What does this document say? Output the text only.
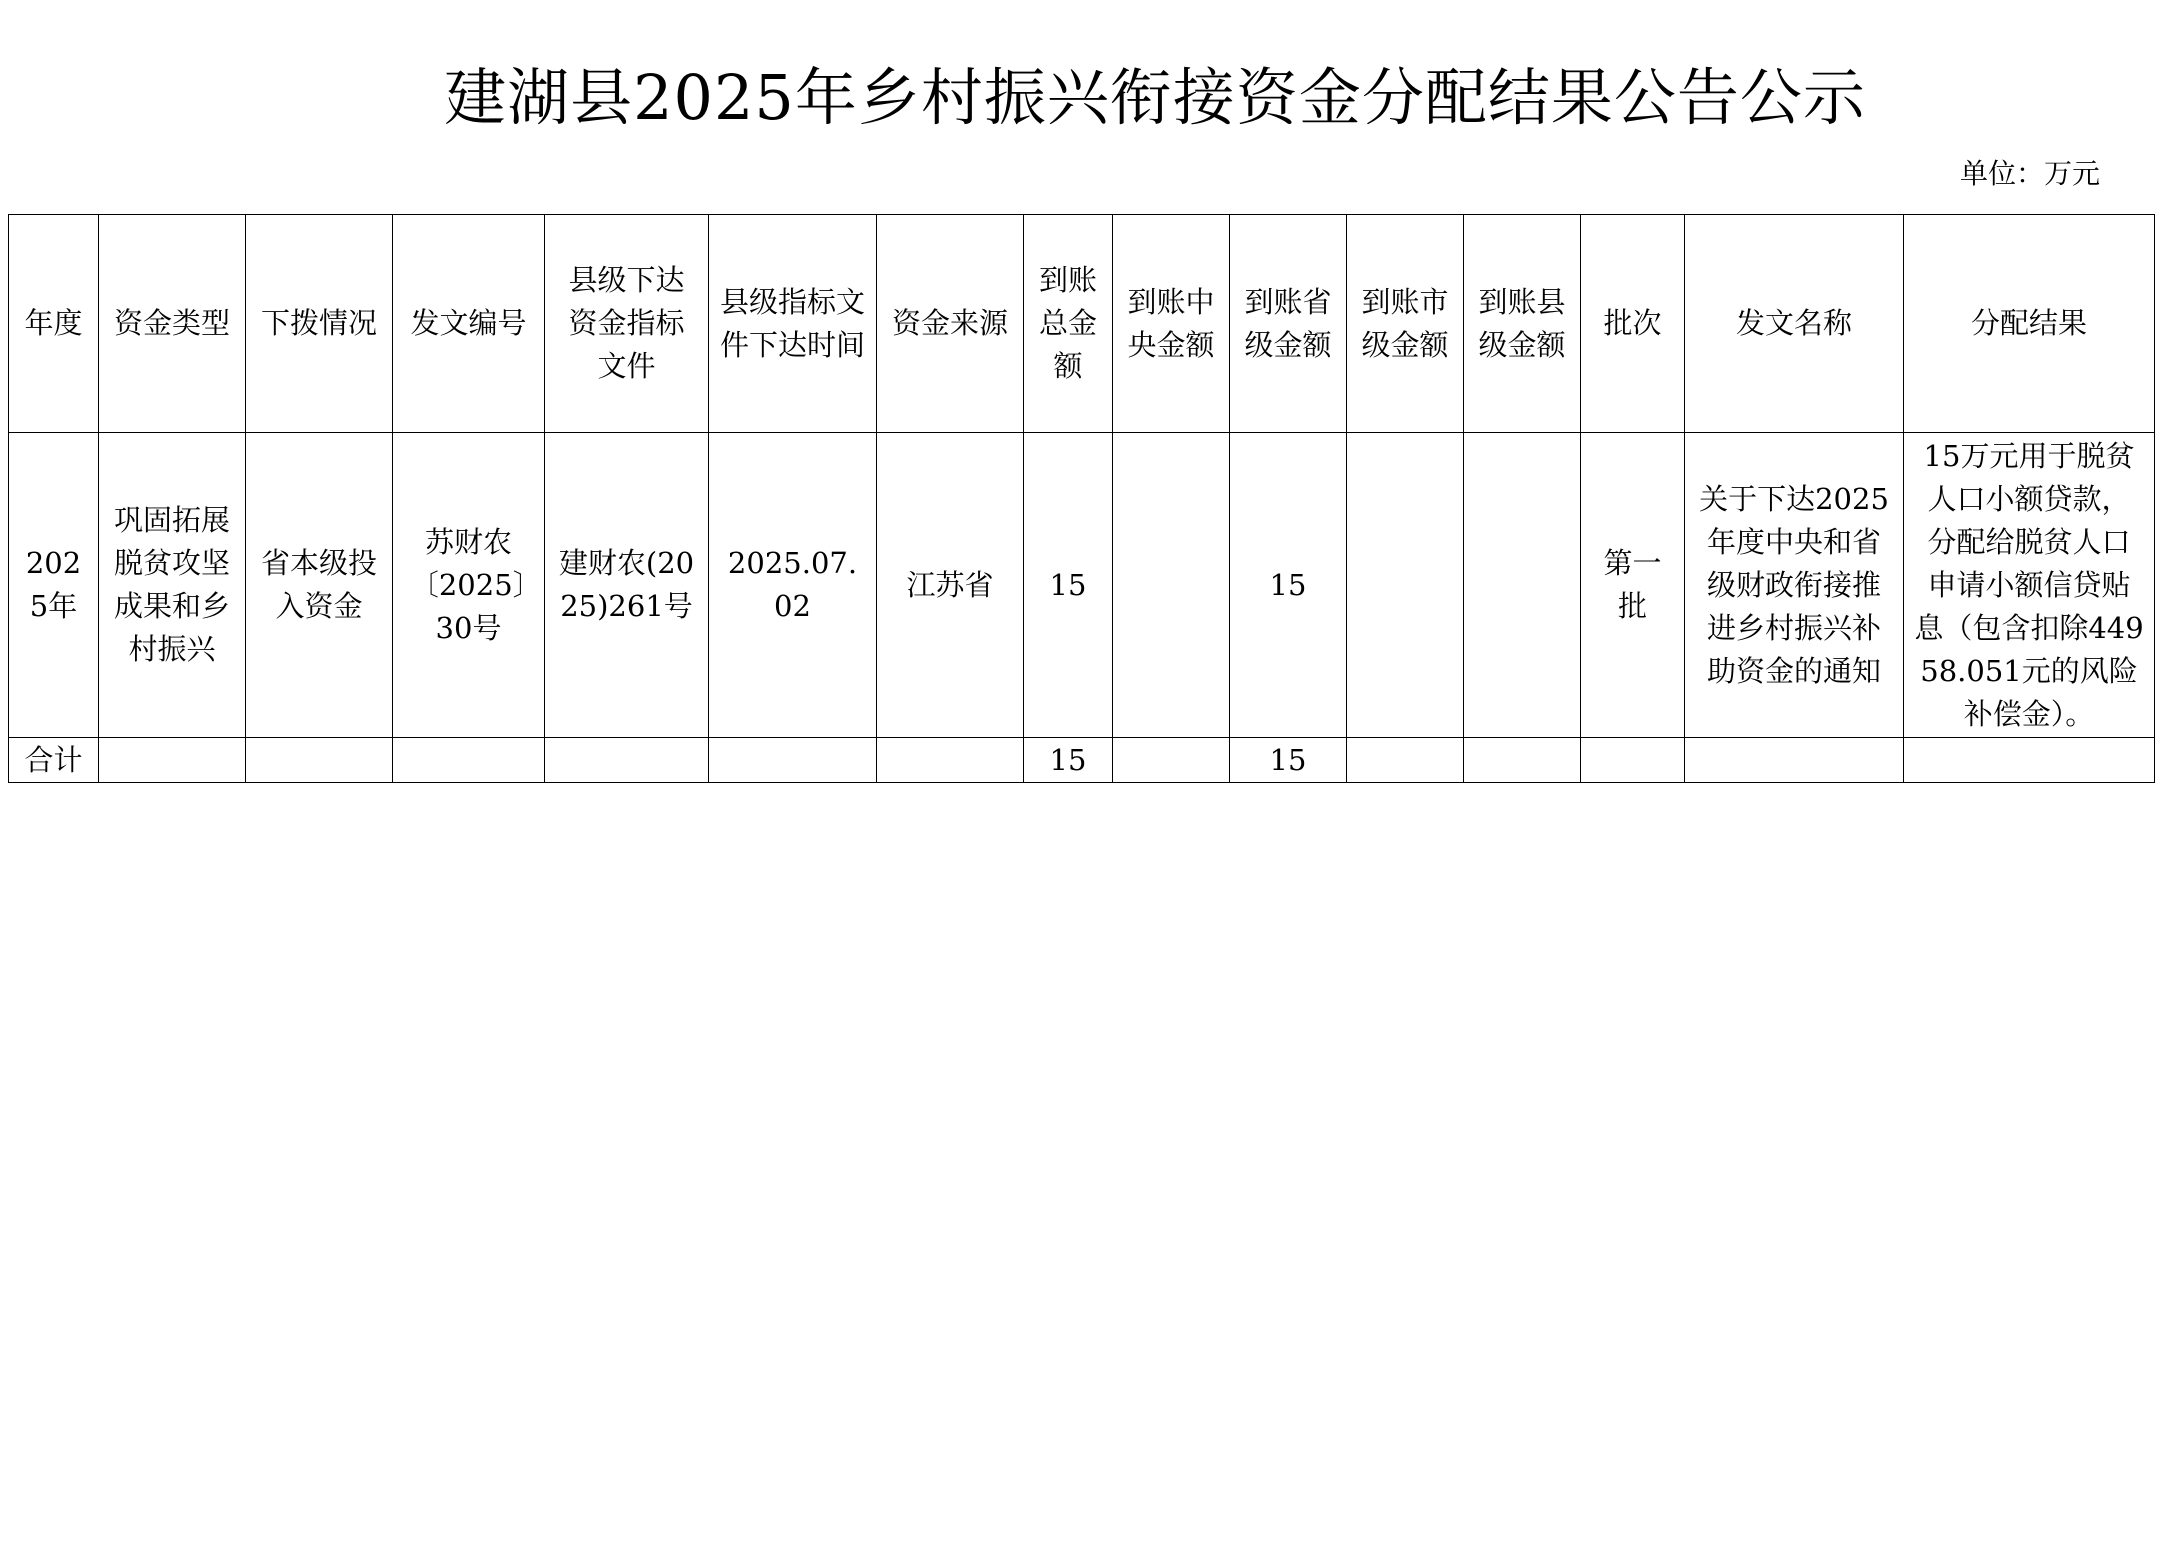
建湖县2025年乡村振兴衔接资金分配结果公告公示
单位：万元
年度	资金类型	下拨情况	发文编号	县级下达资金指标文件	县级指标文件下达时间	资金来源	到账总金额	到账中央金额	到账省级金额	到账市级金额	到账县级金额	批次	发文名称	分配结果
2025年	巩固拓展脱贫攻坚成果和乡村振兴	省本级投入资金	苏财农〔2025〕30号	建财农(2025)261号	2025.07.02	江苏省	15		15			第一批	关于下达2025年度中央和省级财政衔接推进乡村振兴补助资金的通知	15万元用于脱贫人口小额贷款，分配给脱贫人口申请小额信贷贴息（包含扣除44958.051元的风险补偿金）。
合计							15		15					
